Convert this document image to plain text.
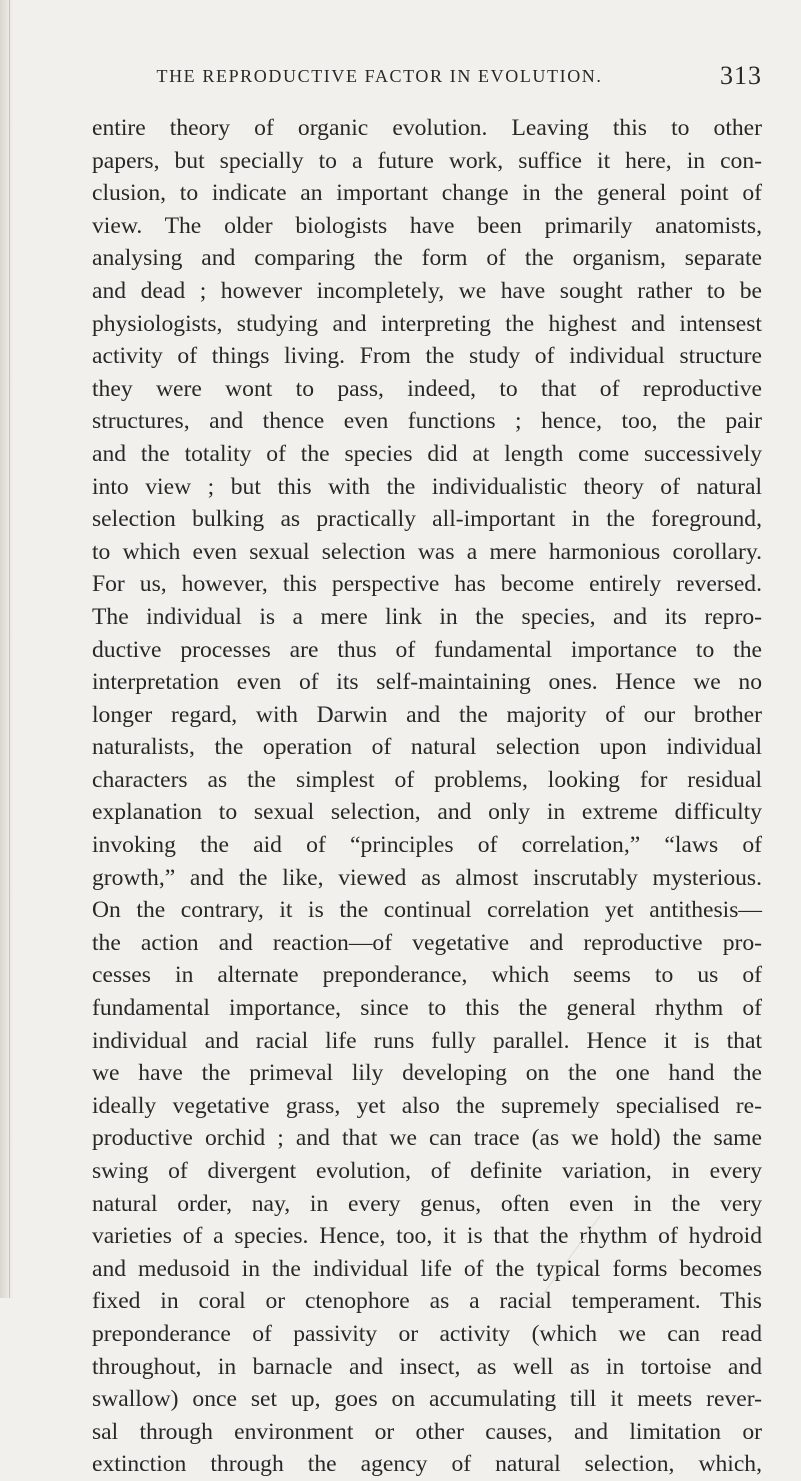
THE REPRODUCTIVE FACTOR IN EVOLUTION.	313
entire theory of organic evolution. Leaving this to other
papers, but specially to a future work, suffice it here, in con-
clusion, to indicate an important change in the general point of
view. The older biologists have been primarily anatomists,
analysing and comparing the form of the organism, separate
and dead ; however incompletely, we have sought rather to be
physiologists, studying and interpreting the highest and intensest
activity of things living. From the study of individual structure
they were wont to pass, indeed, to that of reproductive
structures, and thence even functions ; hence, too, the pair
and the totality of the species did at length come successively
into view ; but this with the individualistic theory of natural
selection bulking as practically all-important in the foreground,
to which even sexual selection was a mere harmonious corollary.
For us, however, this perspective has become entirely reversed.
The individual is a mere link in the species, and its repro-
ductive processes are thus of fundamental importance to the
interpretation even of its self-maintaining ones. Hence we no
longer regard, with Darwin and the majority of our brother
naturalists, the operation of natural selection upon individual
characters as the simplest of problems, looking for residual
explanation to sexual selection, and only in extreme difficulty
invoking the aid of “principles of correlation,” “laws of
growth,” and the like, viewed as almost inscrutably mysterious.
On the contrary, it is the continual correlation yet antithesis—
the action and reaction—of vegetative and reproductive pro-
cesses in alternate preponderance, which seems to us of
fundamental importance, since to this the general rhythm of
individual and racial life runs fully parallel. Hence it is that
we have the primeval lily developing on the one hand the
ideally vegetative grass, yet also the supremely specialised re-
productive orchid ; and that we can trace (as we hold) the same
swing of divergent evolution, of definite variation, in every
natural order, nay, in every genus, often even in the very
varieties of a species. Hence, too, it is that the rhythm of hydroid
and medusoid in the individual life of the typical forms becomes
fixed in coral or ctenophore as a racial temperament. This
preponderance of passivity or activity (which we can read
throughout, in barnacle and insect, as well as in tortoise and
swallow) once set up, goes on accumulating till it meets rever-
sal through environment or other causes, and limitation or
extinction through the agency of natural selection, which,
